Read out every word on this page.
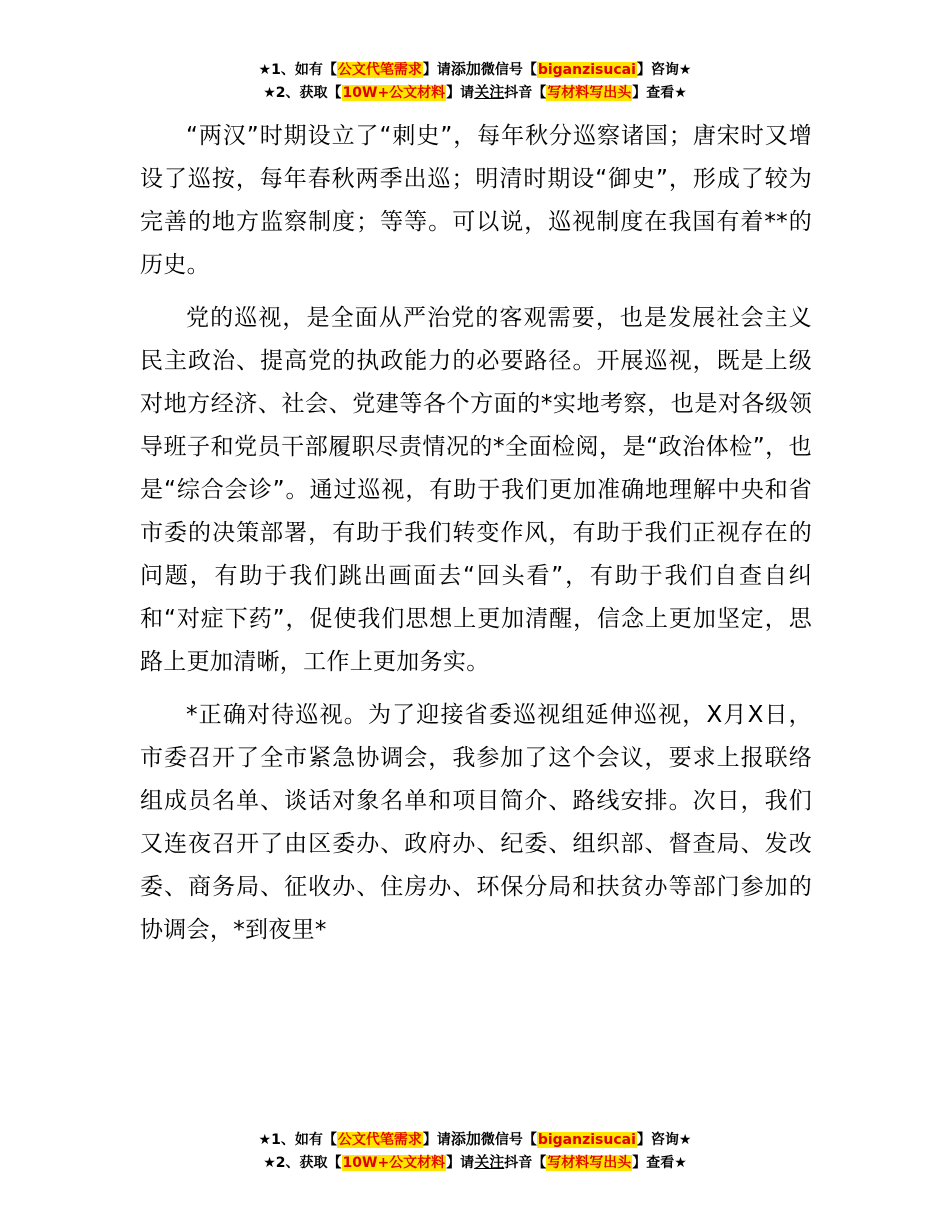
★1、如有【公文代笔需求】请添加微信号【biganzisucai】咨询★
★2、获取【10W+公文材料】请关注抖音【写材料写出头】查看★

“两汉”时期设立了“刺史”，每年秋分巡察诸国；唐宋时又增设了巡按，每年春秋两季出巡；明清时期设“御史”，形成了较为完善的地方监察制度；等等。可以说，巡视制度在我国有着**的历史。

党的巡视，是全面从严治党的客观需要，也是发展社会主义民主政治、提高党的执政能力的必要路径。开展巡视，既是上级对地方经济、社会、党建等各个方面的*实地考察，也是对各级领导班子和党员干部履职尽责情况的*全面检阅，是“政治体检”，也是“综合会诊”。通过巡视，有助于我们更加准确地理解中央和省市委的决策部署，有助于我们转变作风，有助于我们正视存在的问题，有助于我们跳出画面去“回头看”，有助于我们自查自纠和“对症下药”，促使我们思想上更加清醒，信念上更加坚定，思路上更加清晰，工作上更加务实。

*正确对待巡视。为了迎接省委巡视组延伸巡视，X月X日，市委召开了全市紧急协调会，我参加了这个会议，要求上报联络组成员名单、谈话对象名单和项目简介、路线安排。次日，我们又连夜召开了由区委办、政府办、纪委、组织部、督查局、发改委、商务局、征收办、住房办、环保分局和扶贫办等部门参加的协调会，*到夜里*

★1、如有【公文代笔需求】请添加微信号【biganzisucai】咨询★
★2、获取【10W+公文材料】请关注抖音【写材料写出头】查看★
